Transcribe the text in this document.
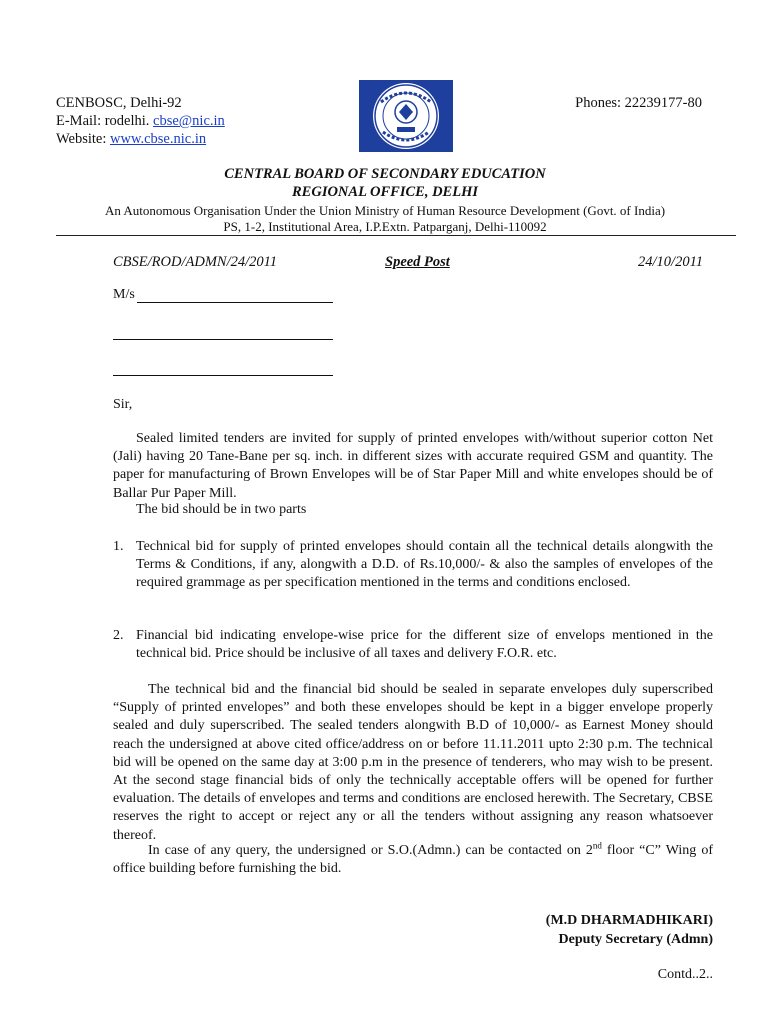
CENBOSC, Delhi-92
E-Mail: rodelhi. cbse@nic.in
Website: www.cbse.nic.in
Phones: 22239177-80
CENTRAL BOARD OF SECONDARY EDUCATION
REGIONAL OFFICE, DELHI
An Autonomous Organisation Under the Union Ministry of Human Resource Development (Govt. of India)
PS, 1-2, Institutional Area, I.P.Extn. Patparganj, Delhi-110092
CBSE/ROD/ADMN/24/2011	Speed Post	24/10/2011
M/s
Sir,
Sealed limited tenders are invited for supply of printed envelopes with/without superior cotton Net (Jali) having 20 Tane-Bane per sq. inch. in different sizes with accurate required GSM and quantity. The paper for manufacturing of Brown Envelopes will be of Star Paper Mill and white envelopes should be of Ballar Pur Paper Mill.
The bid should be in two parts
1. Technical bid for supply of printed envelopes should contain all the technical details alongwith the Terms & Conditions, if any, alongwith a D.D. of Rs.10,000/- & also the samples of envelopes of the required grammage as per specification mentioned in the terms and conditions enclosed.
2. Financial bid indicating envelope-wise price for the different size of envelops mentioned in the technical bid. Price should be inclusive of all taxes and delivery F.O.R. etc.
The technical bid and the financial bid should be sealed in separate envelopes duly superscribed “Supply of printed envelopes” and both these envelopes should be kept in a bigger envelope properly sealed and duly superscribed. The sealed tenders alongwith B.D of 10,000/- as Earnest Money should reach the undersigned at above cited office/address on or before 11.11.2011 upto 2:30 p.m. The technical bid will be opened on the same day at 3:00 p.m in the presence of tenderers, who may wish to be present. At the second stage financial bids of only the technically acceptable offers will be opened for further evaluation. The details of envelopes and terms and conditions are enclosed herewith. The Secretary, CBSE reserves the right to accept or reject any or all the tenders without assigning any reason whatsoever thereof.
In case of any query, the undersigned or S.O.(Admn.) can be contacted on 2nd floor “C” Wing of office building before furnishing the bid.
(M.D DHARMADHIKARI)
Deputy Secretary (Admn)
Contd..2..
